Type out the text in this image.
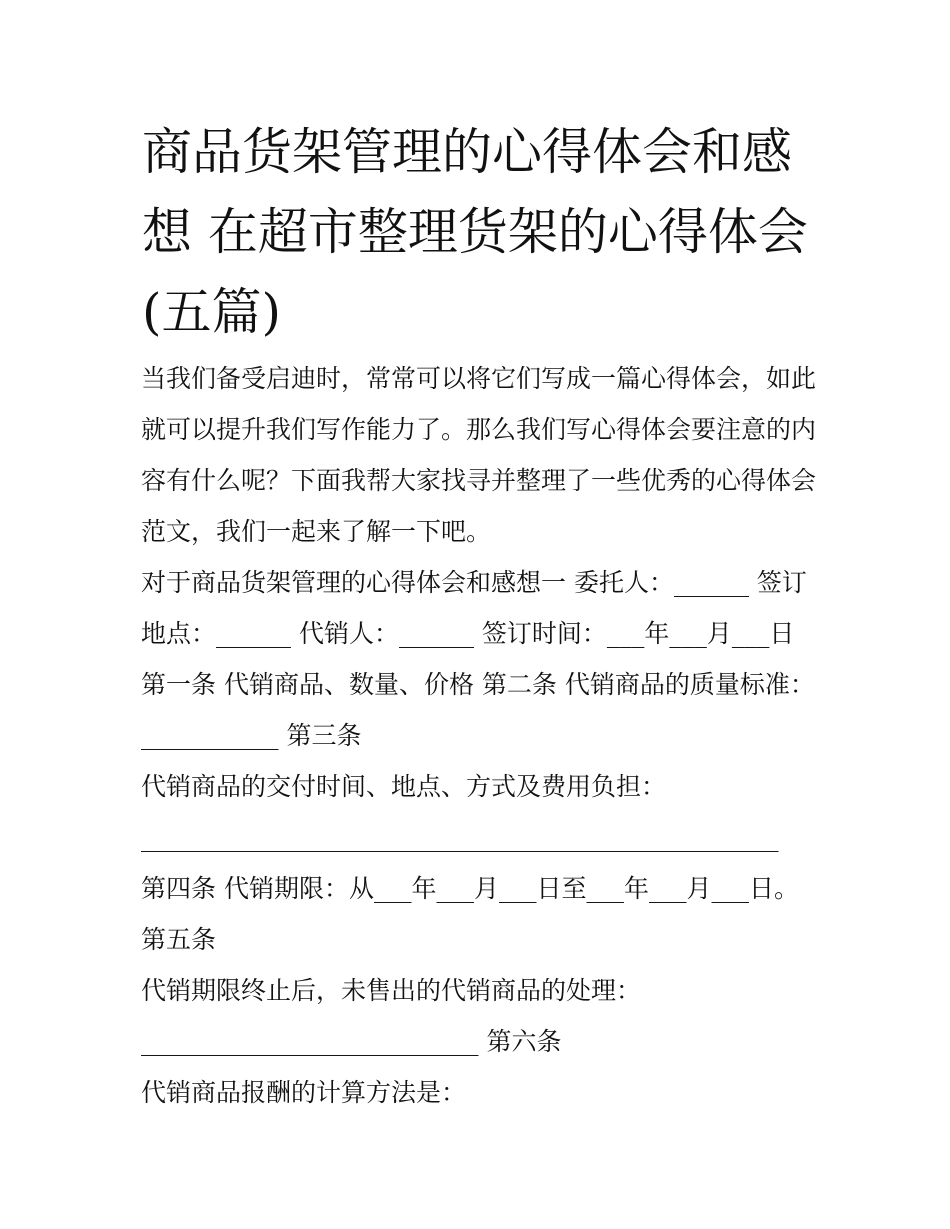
商品货架管理的心得体会和感
想 在超市整理货架的心得体会
(五篇)

当我们备受启迪时，常常可以将它们写成一篇心得体会，如此

就可以提升我们写作能力了。那么我们写心得体会要注意的内

容有什么呢？下面我帮大家找寻并整理了一些优秀的心得体会

范文，我们一起来了解一下吧。

对于商品货架管理的心得体会和感想一 委托人：______ 签订

地点：______ 代销人：______ 签订时间：___年___月___日

第一条 代销商品、数量、价格 第二条 代销商品的质量标准：

___________ 第三条

代销商品的交付时间、地点、方式及费用负担：

___________________________________________________

第四条 代销期限：从___年___月___日至___年___月___日。

第五条

代销期限终止后，未售出的代销商品的处理：

___________________________ 第六条

代销商品报酬的计算方法是：
